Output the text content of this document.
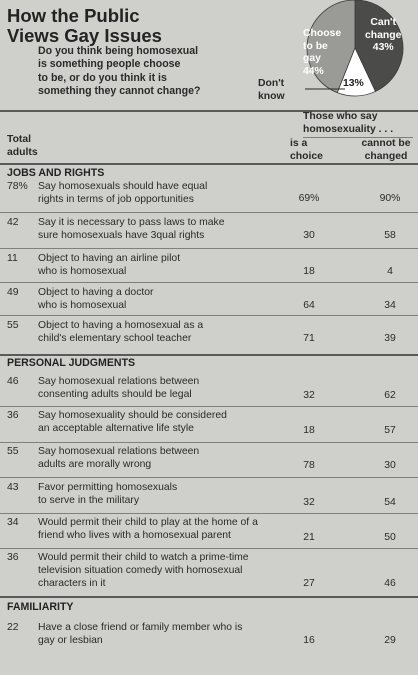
How the Public
Views Gay Issues
Do you think being homosexual
is something people choose
to be, or do you think it is
something they cannot change?
Don't
know
Choose
to be
gay
44%
Can't
change
43%
13%
Those who say
homosexuality . . .
Total
adults
is a
choice
cannot be
changed
JOBS AND RIGHTS
78% Say homosexuals should have equal
rights in terms of job opportunities	69%	90%
42 Say it is necessary to pass laws to make
sure homosexuals have 3qual rights	30	58
11 Object to having an airline pilot
who is homosexual	18	4
49 Object to having a doctor
who is homosexual	64	34
55 Object to having a homosexual as a
child's elementary school teacher	71	39
PERSONAL JUDGMENTS
46 Say homosexual relations between
consenting adults should be legal	32	62
36 Say homosexuality should be considered
an acceptable alternative life style	18	57
55 Say homosexual relations between
adults are morally wrong	78	30
43 Favor permitting homosexuals
to serve in the military	32	54
34 Would permit their child to play at the home of a
friend who lives with a homosexual parent	21	50
36 Would permit their child to watch a prime-time
television situation comedy with homosexual
characters in it	27	46
FAMILIARITY
22 Have a close friend or family member who is
gay or lesbian	16	29
